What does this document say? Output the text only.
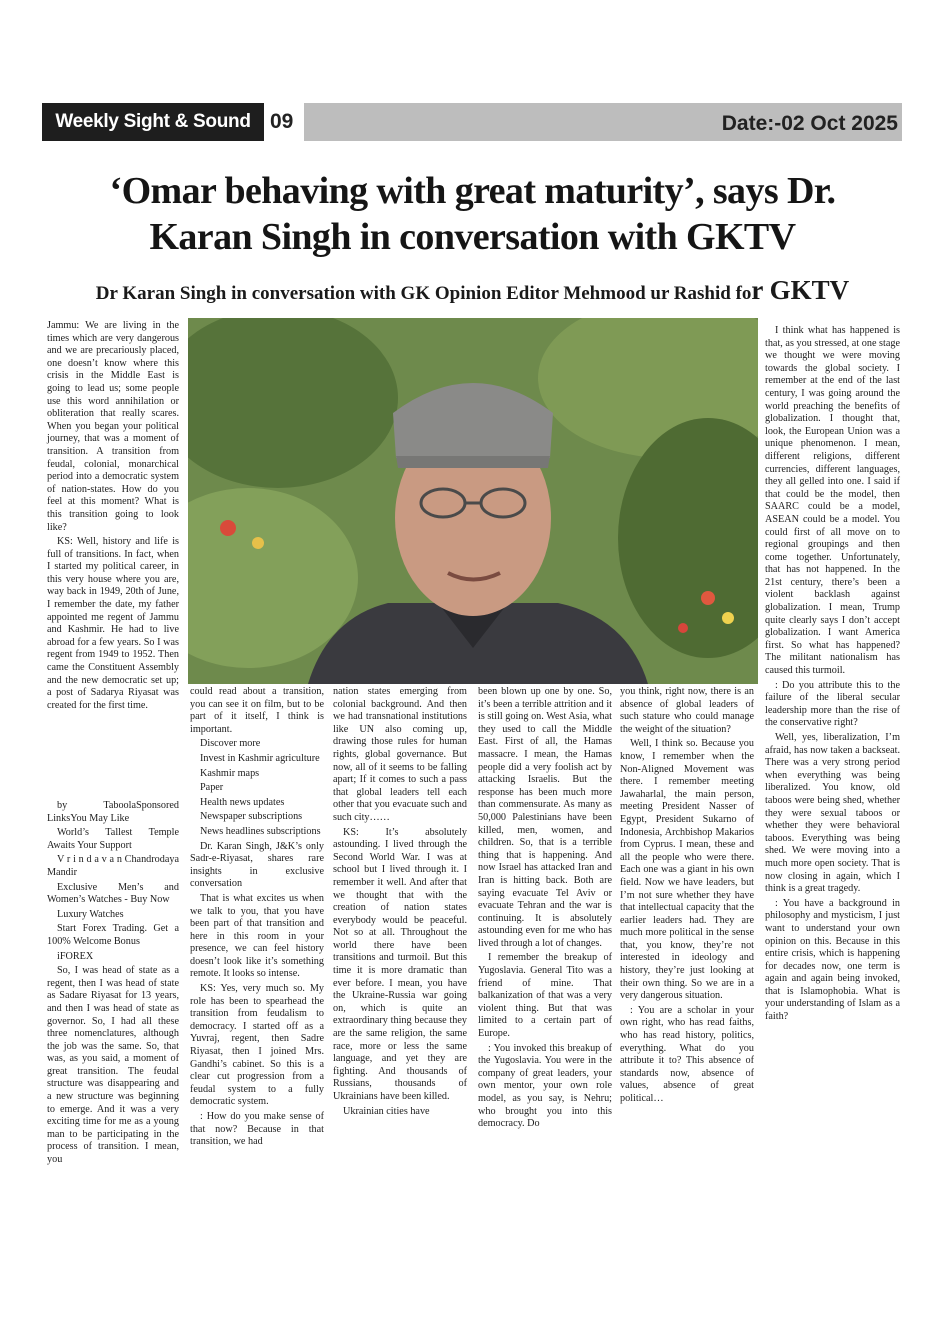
Weekly Sight & Sound 09	Date:-02 Oct 2025
‘Omar behaving with great maturity’, says Dr.
Karan Singh in conversation with GKTV
Dr Karan Singh in conversation with GK Opinion Editor Mehmood ur Rashid for GKTV

Jammu: We are living in the times which are very dangerous and we are precariously placed, one doesn’t know where this crisis in the Middle East is going to lead us; some people use this word annihilation or obliteration that really scares. When you began your political journey, that was a moment of transition. A transition from feudal, colonial, monarchical period into a democratic system of nation-states. How do you feel at this moment? What is this transition going to look like?

KS: Well, history and life is full of transitions. In fact, when I started my political career, in this very house where you are, way back in 1949, 20th of June, I remember the date, my father appointed me regent of Jammu and Kashmir. He had to live abroad for a few years. So I was regent from 1949 to 1952. Then came the Constituent Assembly and the new democratic set up; a post of Sadarya Riyasat was created for the first time.

by TaboolaSponsored LinksYou May Like

World’s Tallest Temple Awaits Your Support

V r i n d a v a n Chandrodaya Mandir

Exclusive Men’s and Women’s Watches - Buy Now

Luxury Watches

Start Forex Trading. Get a 100% Welcome Bonus

iFOREX

So, I was head of state as a regent, then I was head of state as Sadare Riyasat for 13 years, and then I was head of state as governor. So, I had all these three nomenclatures, although the job was the same. So, that was, as you said, a moment of great transition. The feudal structure was disappearing and a new structure was beginning to emerge. And it was a very exciting time for me as a young man to be participating in the process of transition. I mean, you

could read about a transition, you can see it on film, but to be part of it itself, I think is important.

Discover more

Invest in Kashmir agriculture

Kashmir maps

Paper

Health news updates

Newspaper subscriptions

News headlines subscriptions

Dr. Karan Singh, J&K’s only Sadr-e-Riyasat, shares rare insights in exclusive conversation

That is what excites us when we talk to you, that you have been part of that transition and here in this room in your presence, we can feel history doesn’t look like it’s something remote. It looks so intense.

KS: Yes, very much so. My role has been to spearhead the transition from feudalism to democracy. I started off as a Yuvraj, regent, then Sadre Riyasat, then I joined Mrs. Gandhi’s cabinet. So this is a clear cut progression from a feudal system to a fully democratic system.

: How do you make sense of that now? Because in that transition, we had

nation states emerging from colonial background. And then we had transnational institutions like UN also coming up, drawing those rules for human rights, global governance. But now, all of it seems to be falling apart; If it comes to such a pass that global leaders tell each other that you evacuate such and such city……

KS: It’s absolutely astounding. I lived through the Second World War. I was at school but I lived through it. I remember it well. And after that we thought that with the creation of nation states everybody would be peaceful. Not so at all. Throughout the world there have been transitions and turmoil. But this time it is more dramatic than ever before. I mean, you have the Ukraine-Russia war going on, which is quite an extraordinary thing because they are the same religion, the same race, more or less the same language, and yet they are fighting. And thousands of Russians, thousands of Ukrainians have been killed.

Ukrainian cities have

been blown up one by one. So, it’s been a terrible attrition and it is still going on. West Asia, what they used to call the Middle East. First of all, the Hamas massacre. I mean, the Hamas people did a very foolish act by attacking Israelis. But the response has been much more than commensurate. As many as 50,000 Palestinians have been killed, men, women, and children. So, that is a terrible thing that is happening. And now Israel has attacked Iran and Iran is hitting back. Both are saying evacuate Tel Aviv or evacuate Tehran and the war is continuing. It is absolutely astounding even for me who has lived through a lot of changes.

I remember the breakup of Yugoslavia. General Tito was a friend of mine. That balkanization of that was a very violent thing. But that was limited to a certain part of Europe.

: You invoked this breakup of the Yugoslavia. You were in the company of great leaders, your own mentor, your own role model, as you say, is Nehru; who brought you into this democracy. Do

you think, right now, there is an absence of global leaders of such stature who could manage the weight of the situation?

Well, I think so. Because you know, I remember when the Non-Aligned Movement was there. I remember meeting Jawaharlal, the main person, meeting President Nasser of Egypt, President Sukarno of Indonesia, Archbishop Makarios from Cyprus. I mean, these and all the people who were there. Each one was a giant in his own field. Now we have leaders, but I’m not sure whether they have that intellectual capacity that the earlier leaders had. They are much more political in the sense that, you know, they’re not interested in ideology and history, they’re just looking at their own thing. So we are in a very dangerous situation.

: You are a scholar in your own right, who has read faiths, who has read history, politics, everything. What do you attribute it to? This absence of standards now, absence of values, absence of great political…

I think what has happened is that, as you stressed, at one stage we thought we were moving towards the global society. I remember at the end of the last century, I was going around the world preaching the benefits of globalization. I thought that, look, the European Union was a unique phenomenon. I mean, different religions, different currencies, different languages, they all gelled into one. I said if that could be the model, then SAARC could be a model, ASEAN could be a model. You could first of all move on to regional groupings and then come together. Unfortunately, that has not happened. In the 21st century, there’s been a violent backlash against globalization. I mean, Trump quite clearly says I don’t accept globalization. I want America first. So what has happened? The militant nationalism has caused this turmoil.

: Do you attribute this to the failure of the liberal secular leadership more than the rise of the conservative right?

Well, yes, liberalization, I’m afraid, has now taken a backseat. There was a very strong period when everything was being liberalized. You know, old taboos were being shed, whether they were sexual taboos or whether they were behavioral taboos. Everything was being shed. We were moving into a much more open society. That is now closing in again, which I think is a great tragedy.

: You have a background in philosophy and mysticism, I just want to understand your own opinion on this. Because in this entire crisis, which is happening for decades now, one term is again and again being invoked, that is Islamophobia. What is your understanding of Islam as a faith?
